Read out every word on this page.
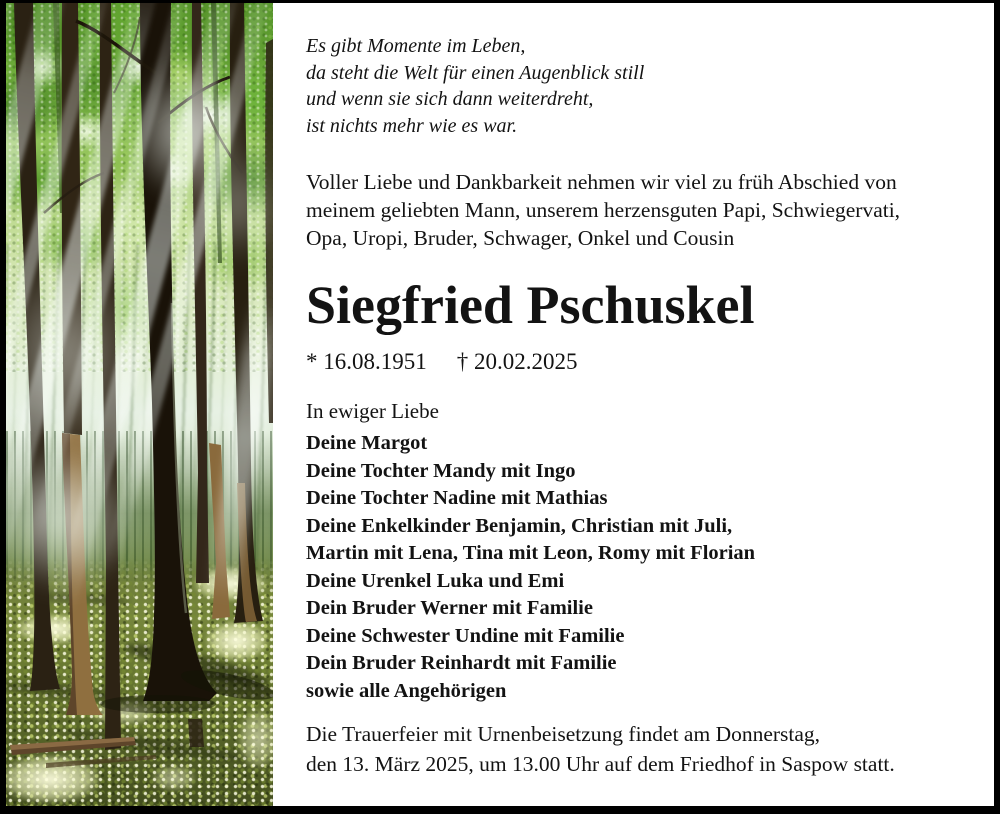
Es gibt Momente im Leben,
da steht die Welt für einen Augenblick still
und wenn sie sich dann weiterdreht,
ist nichts mehr wie es war.
Voller Liebe und Dankbarkeit nehmen wir viel zu früh Abschied von
meinem geliebten Mann, unserem herzensguten Papi, Schwiegervati,
Opa, Uropi, Bruder, Schwager, Onkel und Cousin
Siegfried Pschuskel
* 16.08.1951 † 20.02.2025
In ewiger Liebe
Deine Margot
Deine Tochter Mandy mit Ingo
Deine Tochter Nadine mit Mathias
Deine Enkelkinder Benjamin, Christian mit Juli,
Martin mit Lena, Tina mit Leon, Romy mit Florian
Deine Urenkel Luka und Emi
Dein Bruder Werner mit Familie
Deine Schwester Undine mit Familie
Dein Bruder Reinhardt mit Familie
sowie alle Angehörigen
Die Trauerfeier mit Urnenbeisetzung findet am Donnerstag,
den 13. März 2025, um 13.00 Uhr auf dem Friedhof in Saspow statt.
